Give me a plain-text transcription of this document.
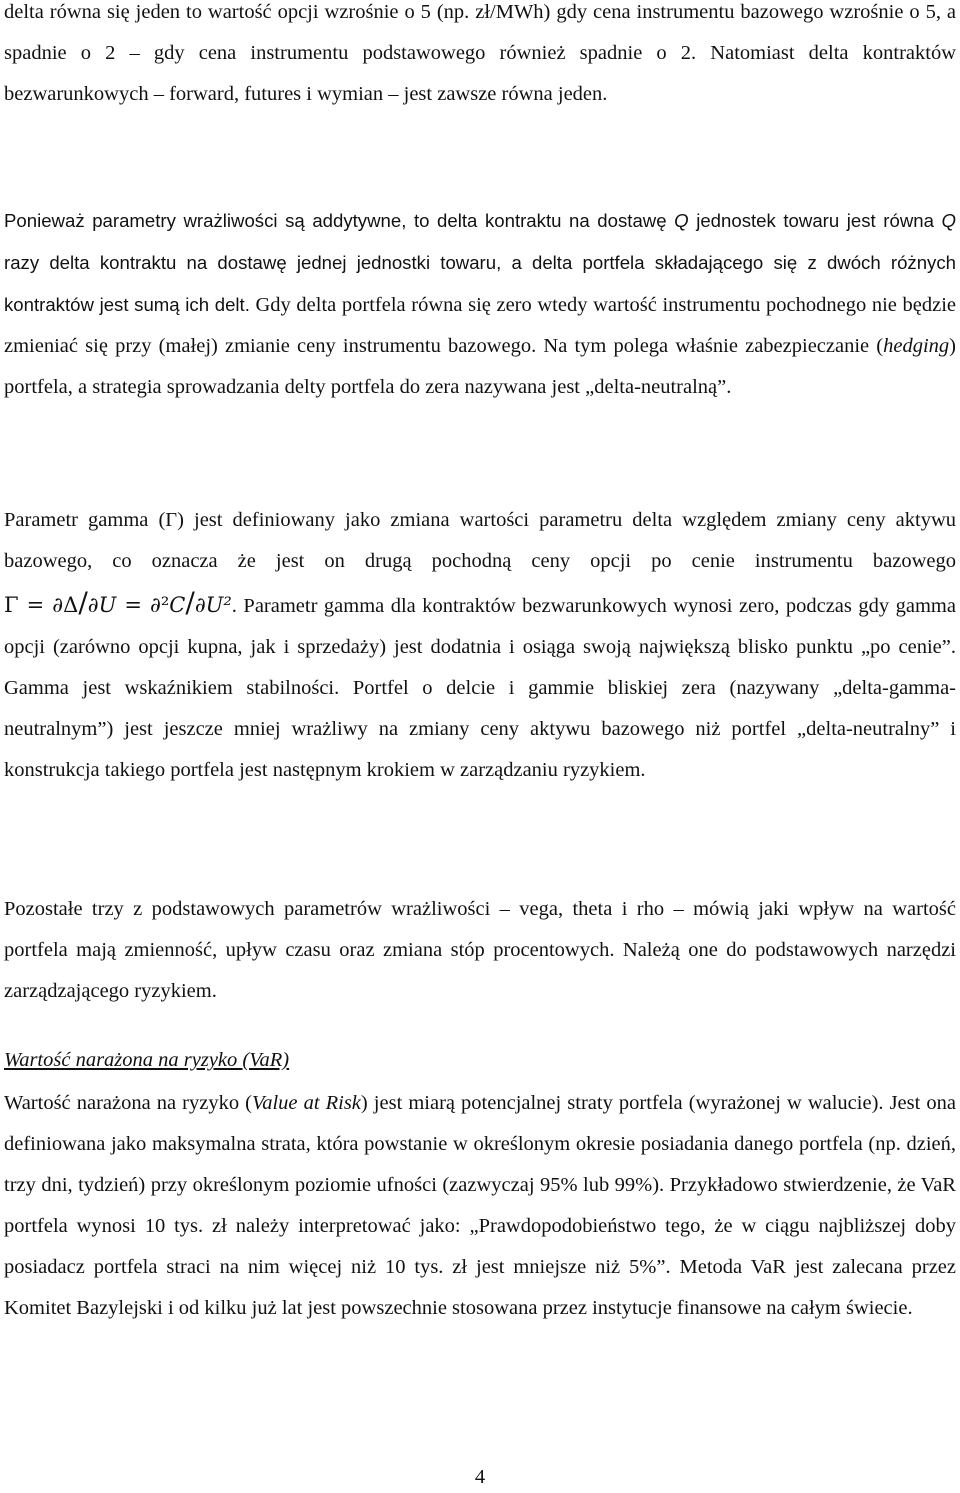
delta równa się jeden to wartość opcji wzrośnie o 5 (np. zł/MWh) gdy cena instrumentu bazowego wzrośnie o 5, a spadnie o 2 – gdy cena instrumentu podstawowego również spadnie o 2. Natomiast delta kontraktów bezwarunkowych – forward, futures i wymian – jest zawsze równa jeden.

Ponieważ parametry wrażliwości są addytywne, to delta kontraktu na dostawę Q jednostek towaru jest równa Q razy delta kontraktu na dostawę jednej jednostki towaru, a delta portfela składającego się z dwóch różnych kontraktów jest sumą ich delt. Gdy delta portfela równa się zero wtedy wartość instrumentu pochodnego nie będzie zmieniać się przy (małej) zmianie ceny instrumentu bazowego. Na tym polega właśnie zabezpieczanie (hedging) portfela, a strategia sprowadzania delty portfela do zera nazywana jest „delta-neutralną”.

Parametr gamma (Γ) jest definiowany jako zmiana wartości parametru delta względem zmiany ceny aktywu bazowego, co oznacza że jest on drugą pochodną ceny opcji po cenie instrumentu bazowego Γ = ∂Δ/∂U = ∂²C/∂U². Parametr gamma dla kontraktów bezwarunkowych wynosi zero, podczas gdy gamma opcji (zarówno opcji kupna, jak i sprzedaży) jest dodatnia i osiąga swoją największą blisko punktu „po cenie”. Gamma jest wskaźnikiem stabilności. Portfel o delcie i gammie bliskiej zera (nazywany „delta-gamma-neutralnym”) jest jeszcze mniej wrażliwy na zmiany ceny aktywu bazowego niż portfel „delta-neutralny” i konstrukcja takiego portfela jest następnym krokiem w zarządzaniu ryzykiem.

Pozostałe trzy z podstawowych parametrów wrażliwości – vega, theta i rho – mówią jaki wpływ na wartość portfela mają zmienność, upływ czasu oraz zmiana stóp procentowych. Należą one do podstawowych narzędzi zarządzającego ryzykiem.

Wartość narażona na ryzyko (VaR)

Wartość narażona na ryzyko (Value at Risk) jest miarą potencjalnej straty portfela (wyrażonej w walucie). Jest ona definiowana jako maksymalna strata, która powstanie w określonym okresie posiadania danego portfela (np. dzień, trzy dni, tydzień) przy określonym poziomie ufności (zazwyczaj 95% lub 99%). Przykładowo stwierdzenie, że VaR portfela wynosi 10 tys. zł należy interpretować jako: „Prawdopodobieństwo tego, że w ciągu najbliższej doby posiadacz portfela straci na nim więcej niż 10 tys. zł jest mniejsze niż 5%”. Metoda VaR jest zalecana przez Komitet Bazylejski i od kilku już lat jest powszechnie stosowana przez instytucje finansowe na całym świecie.

4
